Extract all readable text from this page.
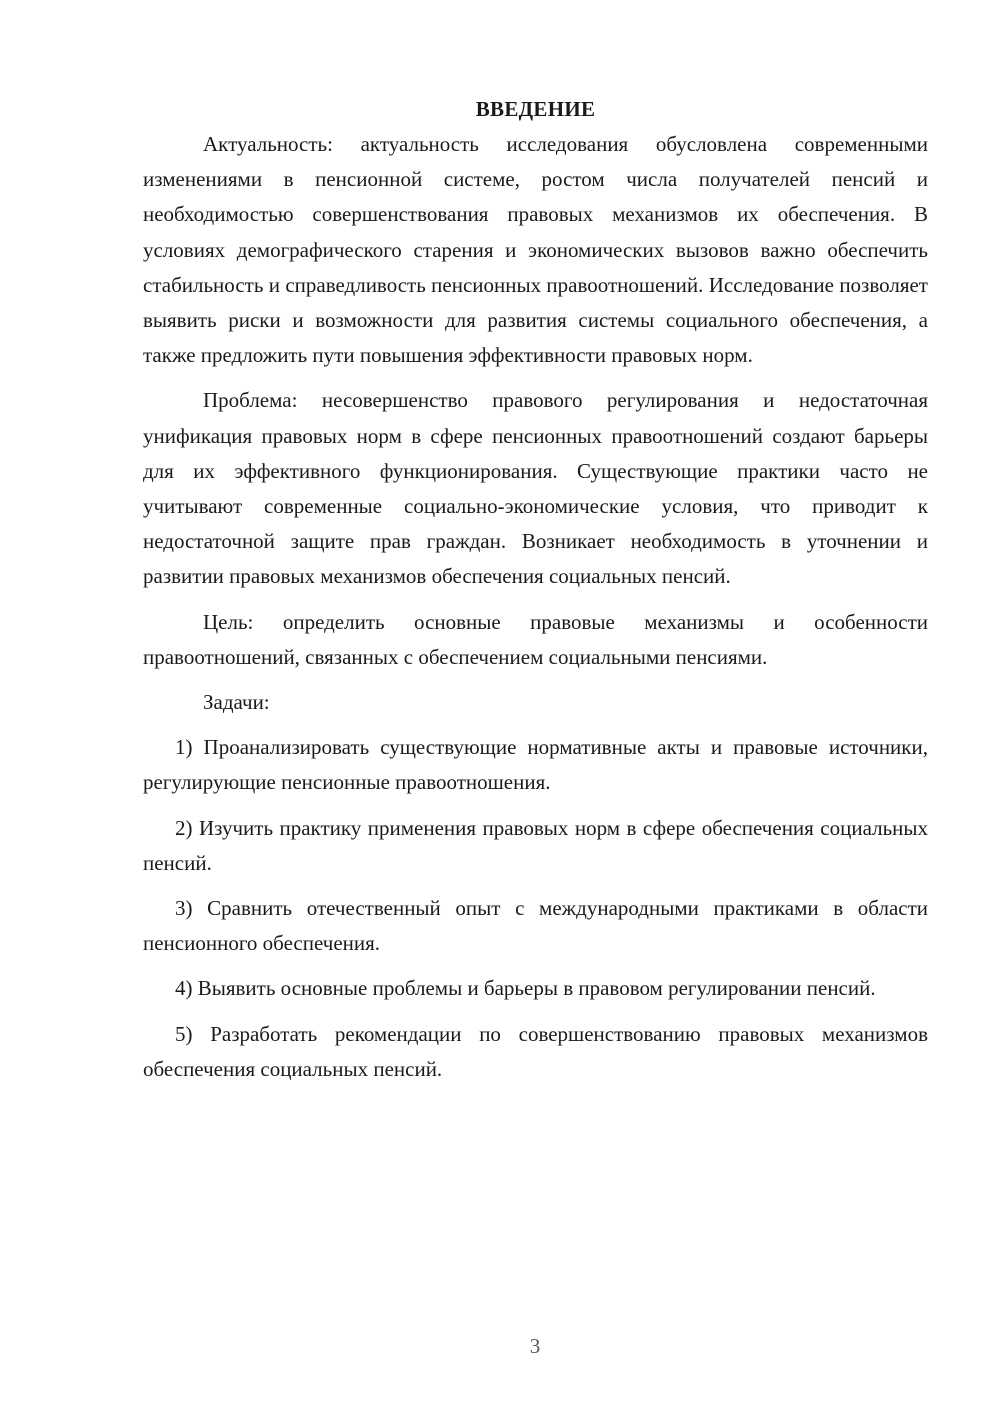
ВВЕДЕНИЕ

Актуальность: актуальность исследования обусловлена современными изменениями в пенсионной системе, ростом числа получателей пенсий и необходимостью совершенствования правовых механизмов их обеспечения. В условиях демографического старения и экономических вызовов важно обеспечить стабильность и справедливость пенсионных правоотношений. Исследование позволяет выявить риски и возможности для развития системы социального обеспечения, а также предложить пути повышения эффективности правовых норм.

Проблема: несовершенство правового регулирования и недостаточная унификация правовых норм в сфере пенсионных правоотношений создают барьеры для их эффективного функционирования. Существующие практики часто не учитывают современные социально-экономические условия, что приводит к недостаточной защите прав граждан. Возникает необходимость в уточнении и развитии правовых механизмов обеспечения социальных пенсий.

Цель: определить основные правовые механизмы и особенности правоотношений, связанных с обеспечением социальными пенсиями.

Задачи:

1) Проанализировать существующие нормативные акты и правовые источники, регулирующие пенсионные правоотношения.

2) Изучить практику применения правовых норм в сфере обеспечения социальных пенсий.

3) Сравнить отечественный опыт с международными практиками в области пенсионного обеспечения.

4) Выявить основные проблемы и барьеры в правовом регулировании пенсий.

5) Разработать рекомендации по совершенствованию правовых механизмов обеспечения социальных пенсий.

3
